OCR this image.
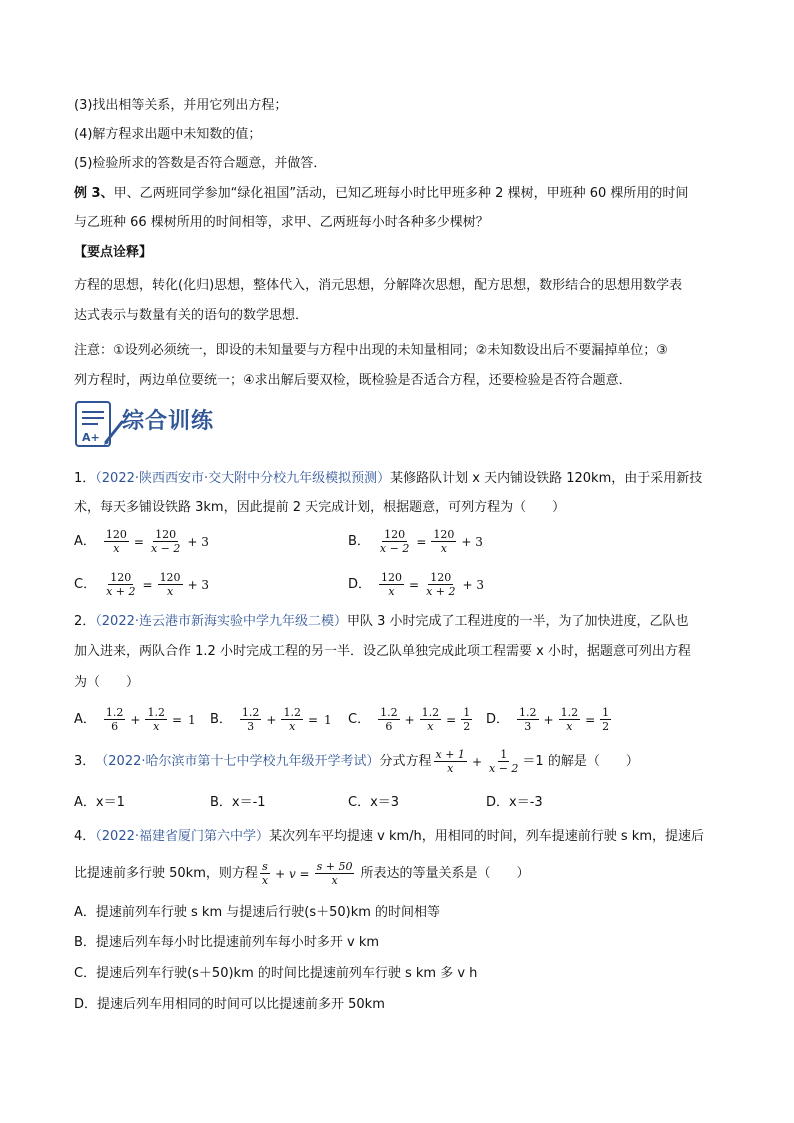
(3)找出相等关系，并用它列出方程；
(4)解方程求出题中未知数的值；
(5)检验所求的答数是否符合题意，并做答．
例 3、甲、乙两班同学参加“绿化祖国”活动，已知乙班每小时比甲班多种 2 棵树，甲班种 60 棵所用的时间
与乙班种 66 棵树所用的时间相等，求甲、乙两班每小时各种多少棵树？
【要点诠释】
方程的思想，转化(化归)思想，整体代入，消元思想，分解降次思想，配方思想，数形结合的思想用数学表
达式表示与数量有关的语句的数学思想．
注意：①设列必须统一，即设的未知量要与方程中出现的未知量相同；②未知数设出后不要漏掉单位；③
列方程时，两边单位要统一；④求出解后要双检，既检验是否适合方程，还要检验是否符合题意．
A+
综合训练
1．（2022·陕西西安市·交大附中分校九年级模拟预测）某修路队计划 x 天内铺设铁路 120km，由于采用新技
术，每天多铺设铁路 3km，因此提前 2 天完成计划，根据题意，可列方程为（　　）
A． $\frac{120}{x} = \frac{120}{x - 2} + 3$	B． $\frac{120}{x - 2} = \frac{120}{x} + 3$
C． $\frac{120}{x + 2} = \frac{120}{x} + 3$	D． $\frac{120}{x} = \frac{120}{x + 2} + 3$
2．（2022·连云港市新海实验中学九年级二模）甲队 3 小时完成了工程进度的一半，为了加快进度，乙队也
加入进来，两队合作 1.2 小时完成工程的另一半．设乙队单独完成此项工程需要 x 小时，据题意可列出方程
为（　　）
A． $\frac{1.2}{6} + \frac{1.2}{x} = 1$ B． $\frac{1.2}{3} + \frac{1.2}{x} = 1$ C． $\frac{1.2}{6} + \frac{1.2}{x} = \frac{1}{2}$ D． $\frac{1.2}{3} + \frac{1.2}{x} = \frac{1}{2}$
3． （2022·哈尔滨市第十七中学校九年级开学考试） 分式方程 $\frac{x + 1}{x} + \frac{1}{x - 2} =1$ 的解是（　　）
A．x＝1	B．x＝-1	C．x＝3	D．x＝-3
4．（2022·福建省厦门第六中学）某次列车平均提速 v km/h，用相同的时间，列车提速前行驶 s km，提速后
比提速前多行驶 50km，则方程 $\frac{s}{x} + v = \frac{s + 50}{x}$ 所表达的等量关系是（　　）
A．提速前列车行驶 s km 与提速后行驶(s＋50)km 的时间相等
B．提速后列车每小时比提速前列车每小时多开 v km
C．提速后列车行驶(s＋50)km 的时间比提速前列车行驶 s km 多 v h
D．提速后列车用相同的时间可以比提速前多开 50km
